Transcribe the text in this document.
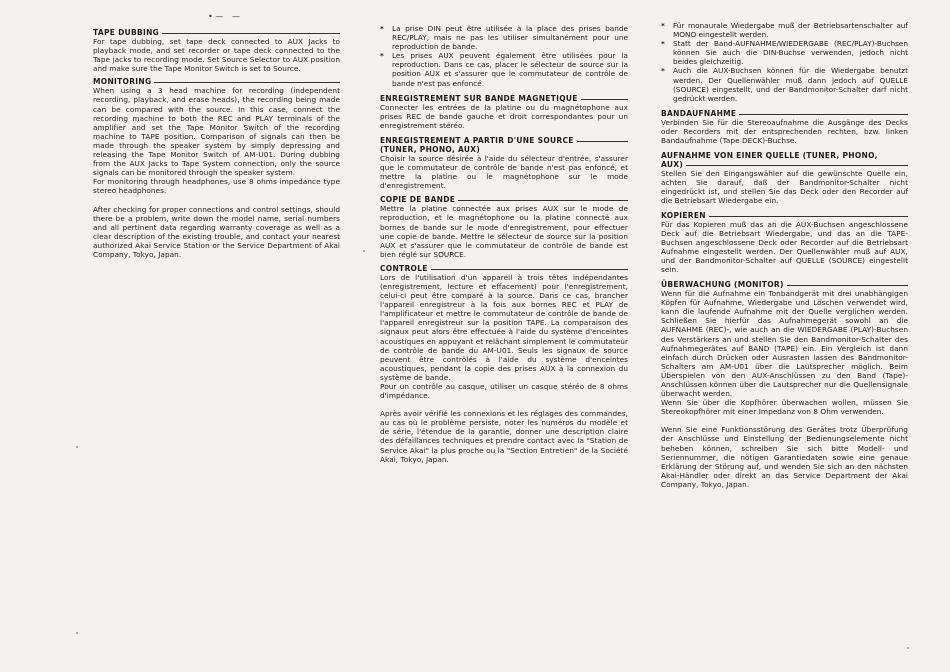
• — —
TAPE DUBBING

For tape dubbing, set tape deck connected to AUX Jacks to playback mode, and set recorder or tape deck connected to the Tape jacks to recording mode. Set Source Selector to AUX position and make sure the Tape Monitor Switch is set to Source.

MONITORING

When using a 3 head machine for recording (independent recording, playback, and erase heads), the recording being made can be compared with the source. In this case, connect the recording machine to both the REC and PLAY terminals of the amplifier and set the Tape Monitor Switch of the recording machine to TAPE position. Comparison of signals can then be made through the speaker system by simply depressing and releasing the Tape Monitor Switch of AM-U01. During dubbing from the AUX Jacks to Tape System connection, only the source signals can be monitored through the speaker system.

For monitoring through headphones, use 8 ohms impedance type stereo headphones.

After checking for proper connections and control settings, should there be a problem, write down the model name, serial numbers and all pertinent data regarding warranty coverage as well as a clear description of the existing trouble, and contact your nearest authorized Akai Service Station or the Service Department of Akai Company, Tokyo, Japan.

*	La prise DIN peut être utilisée à la place des prises bande REC/PLAY, mais ne pas les utiliser simultanément pour une reproduction de bande.
*	Les prises AUX peuvent également être utilisées pour la reproduction. Dans ce cas, placer le sélecteur de source sur la position AUX et s'assurer que le commutateur de contrôle de bande n'est pas enfoncé.
ENREGISTREMENT SUR BANDE MAGNETIQUE

Connecter les entrées de la platine ou du magnétophone aux prises REC de bande gauche et droit correspondantes pour un enregistrement stéréo.

ENREGISTREMENT A PARTIR D'UNE SOURCE
(TUNER, PHONO, AUX)

Choisir la source désirée à l'aide du sélecteur d'entrée, s'assurer que le commutateur de contrôle de bande n'est pas enfoncé, et mettre la platine ou le magnétophone sur le mode d'enregistrement.

COPIE DE BANDE

Mettre la platine connectée aux prises AUX sur le mode de reproduction, et le magnétophone ou la platine connecté aux bornes de bande sur le mode d'enregistrement, pour effectuer une copie de bande. Mettre le sélecteur de source sur la position AUX et s'assurer que le commutateur de contrôle de bande est bien réglé sur SOURCE.

CONTROLE

Lors de l'utilisation d'un appareil à trois têtes indépendantes (enregistrement, lecture et effacement) pour l'enregistrement, celui-ci peut être comparé à la source. Dans ce cas, brancher l'appareil enregistreur à la fois aux bornes REC et PLAY de l'amplificateur et mettre le commutateur de contrôle de bande de l'appareil enregistreur sur la position TAPE. La comparaison des signaux peut alors être effectuée à l'aide du système d'enceintes acoustiques en appuyant et relâchant simplement le commutateur de contrôle de bande du AM-U01. Seuls les signaux de source peuvent être contrôlés à l'aide du système d'enceintes acoustiques, pendant la copie des prises AUX à la connexion du système de bande.

Pour un contrôle au casque, utiliser un casque stéréo de 8 ohms d'impédance.

Après avoir vérifié les connexions et les réglages des commandes, au cas où le problème persiste, noter les numéros du modèle et de série, l'étendue de la garantie, donner une description claire des défaillances techniques et prendre contact avec la "Station de Service Akai" la plus proche ou la "Section Entretien" de la Société Akai, Tokyo, Japan.

*	Für monaurale Wiedergabe muß der Betriebsartenschalter auf MONO eingestellt werden.
*	Statt der Band-AUFNAHME/WIEDERGABE (REC/PLAY)-Buchsen können Sie auch die DIN-Buchse verwenden, jedoch nicht beides gleichzeitig.
*	Auch die AUX-Buchsen können für die Wiedergabe benutzt werden. Der Quellenwähler muß dann jedoch auf QUELLE (SOURCE) eingestellt, und der Bandmonitor-Schalter darf nicht gedrückt werden.
BANDAUFNAHME

Verbinden Sie für die Stereoaufnahme die Ausgänge des Decks oder Recorders mit der entsprechenden rechten, bzw. linken Bandaufnahme (Tape DECK)-Buchse.

AUFNAHME VON EINER QUELLE (TUNER, PHONO,
AUX)

Stellen Sie den Eingangswähler auf die gewünschte Quelle ein, achten Sie darauf, daß der Bandmonitor-Schalter nicht eingedrückt ist, und stellen Sie das Deck oder den Recorder auf die Betriebsart Wiedergabe ein.

KOPIEREN

Für das Kopieren muß das an die AUX-Buchsen angeschlossene Deck auf die Betriebsart Wiedergabe, und das an die TAPE-Buchsen angeschlossene Deck oder Recorder auf die Betriebsart Aufnahme eingestellt werden. Der Quellenwähler muß auf AUX, und der Bandmonitor-Schalter auf QUELLE (SOURCE) eingestellt sein.

ÜBERWACHUNG (MONITOR)

Wenn für die Aufnahme ein Tonbandgerät mit drei unabhängigen Köpfen für Aufnahme, Wiedergabe und Löschen verwendet wird, kann die laufende Aufnahme mit der Quelle verglichen werden. Schließen Sie hierfür das Aufnahmegerät sowohl an die AUFNAHME (REC)-, wie auch an die WIEDERGABE (PLAY)-Buchsen des Verstärkers an und stellen Sie den Bandmonitor-Schalter des Aufnahmegerätes auf BAND (TAPE) ein. Ein Vergleich ist dann einfach durch Drücken oder Ausrasten lassen des Bandmonitor-Schalters am AM-U01 über die Lautsprecher möglich. Beim Überspielen von den AUX-Anschlüssen zu den Band (Tape)-Anschlüssen können über die Lautsprecher nur die Quellensignale überwacht werden.

Wenn Sie über die Kopfhörer überwachen wollen, müssen Sie Stereokopfhörer mit einer Impedanz von 8 Ohm verwenden.

Wenn Sie eine Funktionsstörung des Gerätes trotz Überprüfung der Anschlüsse und Einstellung der Bedienungselemente nicht beheben können, schreiben Sie sich bitte Modell- und Seriennummer, die nötigen Garantiedaten sowie eine genaue Erklärung der Störung auf, und wenden Sie sich an den nächsten Akai-Händler oder direkt an das Service Department der Akai Company, Tokyo, Japan.
